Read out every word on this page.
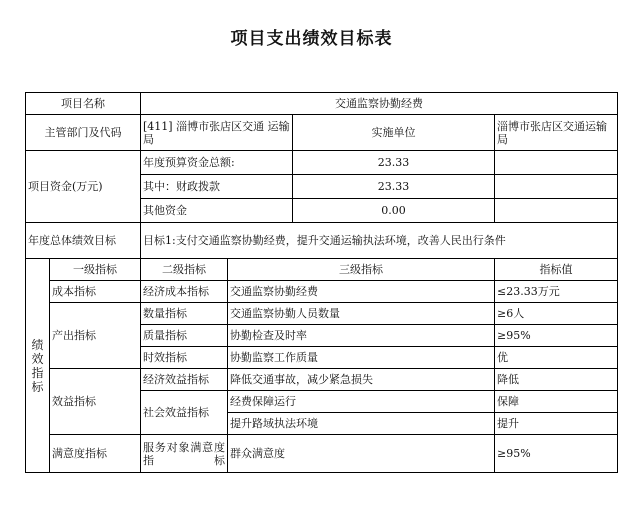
项目支出绩效目标表
项目名称		交通监察协勤经费			
主管部门及代码		[411] 淄博市张店区交通 运输局		实施单位	淄博市张店区交通运输局
项目资金(万元)		年度预算资金总额:		23.33	
		其中：财政拨款		23.33	
		其他资金		0.00	
年度总体绩效目标		目标1:支付交通监察协勤经费，提升交通运输执法环境，改善人民出行条件			

绩
效
指
标	一级指标	二级指标	三级指标		指标值
	成本指标	经济成本指标	交通监察协勤经费		≤23.33万元
	产出指标	数量指标	交通监察协勤人员数量		≥6人
		质量指标	协勤检查及时率		≥95%
		时效指标	协勤监察工作质量		优
	效益指标	经济效益指标	降低交通事故，减少紧急损失		降低
		社会效益指标	经费保障运行		保障
			提升路域执法环境		提升
	满意度指标	服务对象满意度指标	群众满意度		≥95%
